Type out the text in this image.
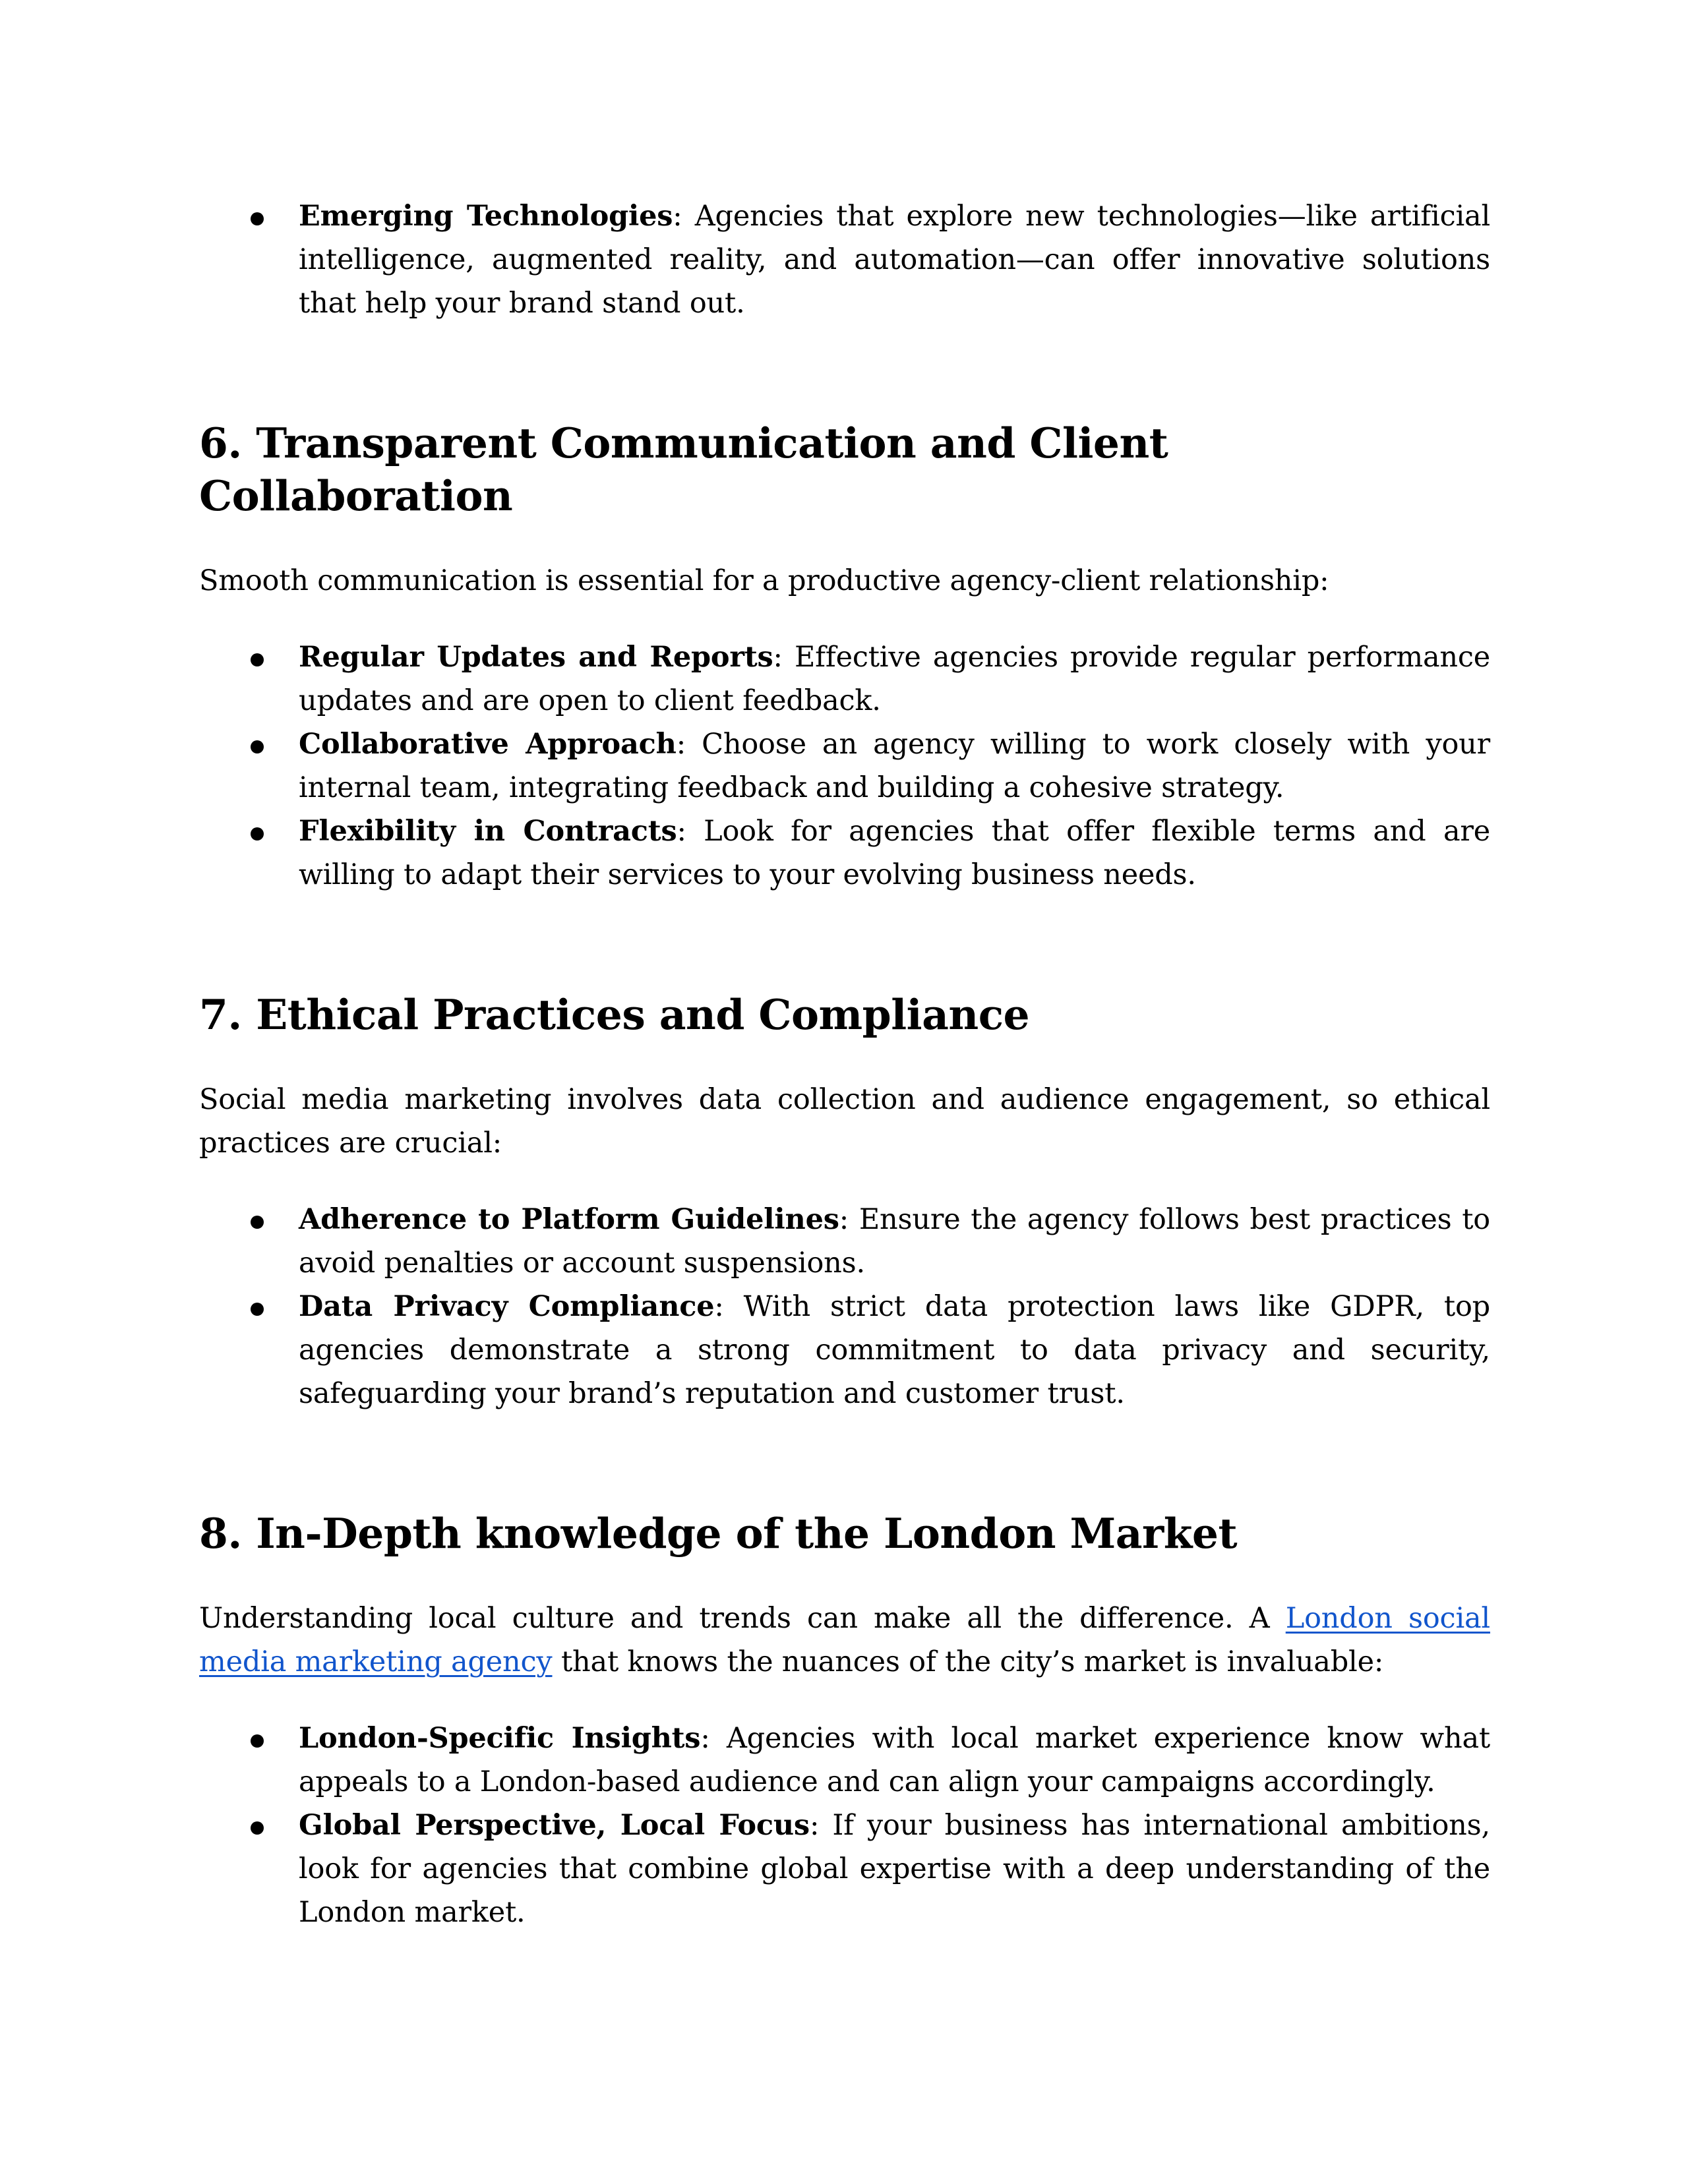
Emerging Technologies: Agencies that explore new technologies—like artificial intelligence, augmented reality, and automation—can offer innovative solutions that help your brand stand out.
6. Transparent Communication and Client Collaboration

Smooth communication is essential for a productive agency-client relationship:

Regular Updates and Reports: Effective agencies provide regular performance updates and are open to client feedback.
Collaborative Approach: Choose an agency willing to work closely with your internal team, integrating feedback and building a cohesive strategy.
Flexibility in Contracts: Look for agencies that offer flexible terms and are willing to adapt their services to your evolving business needs.
7. Ethical Practices and Compliance

Social media marketing involves data collection and audience engagement, so ethical practices are crucial:

Adherence to Platform Guidelines: Ensure the agency follows best practices to avoid penalties or account suspensions.
Data Privacy Compliance: With strict data protection laws like GDPR, top agencies demonstrate a strong commitment to data privacy and security, safeguarding your brand’s reputation and customer trust.
8. In-Depth knowledge of the London Market

Understanding local culture and trends can make all the difference. A London social media marketing agency that knows the nuances of the city’s market is invaluable:

London-Specific Insights: Agencies with local market experience know what appeals to a London-based audience and can align your campaigns accordingly.
Global Perspective, Local Focus: If your business has international ambitions, look for agencies that combine global expertise with a deep understanding of the London market.
